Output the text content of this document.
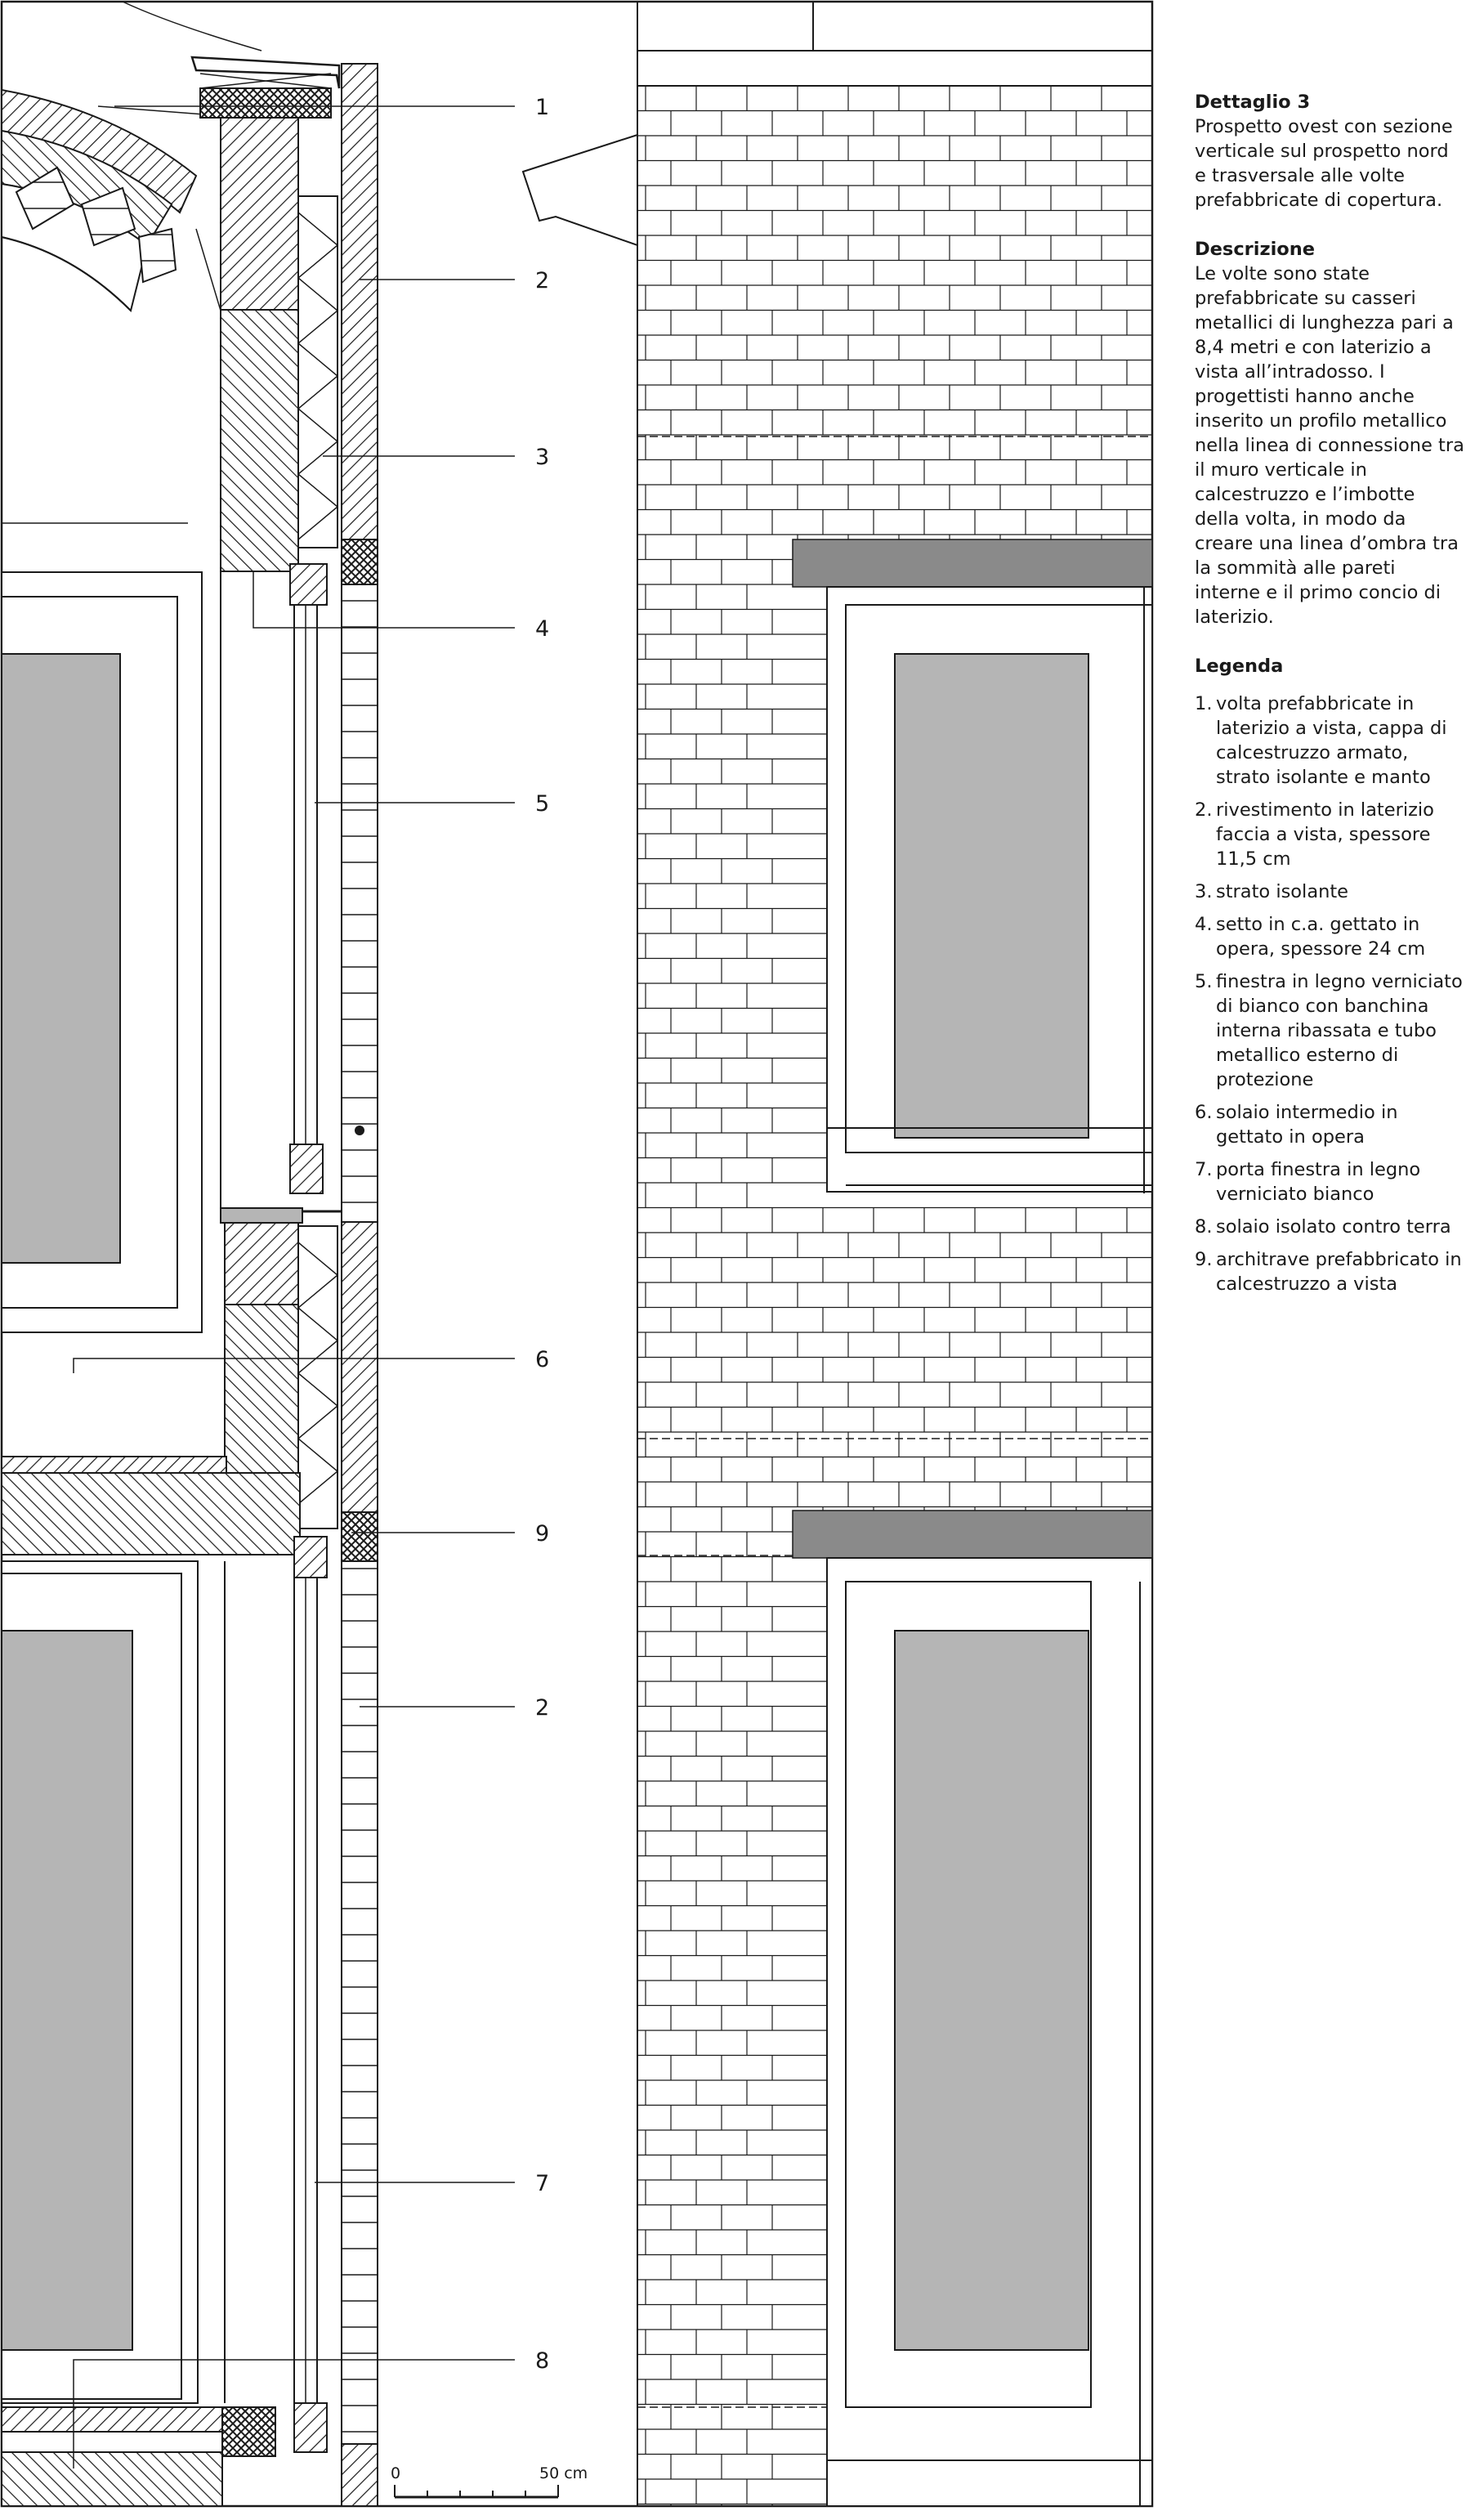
0	50 cm
1
2
3
4
5
6
9
2
7
8

Dettaglio 3

Prospetto ovest con sezione verticale sul prospetto nord e trasversale alle volte prefabbricate di copertura.

Descrizione

Le volte sono state prefabbricate su casseri metallici di lunghezza pari a 8,4 metri e con laterizio a vista all’intradosso. I progettisti hanno anche inserito un profilo metallico nella linea di connessione tra il muro verticale in calcestruzzo e l’imbotte della volta, in modo da creare una linea d’ombra tra la sommità alle pareti interne e il primo concio di laterizio.

Legenda

1. volta prefabbricate in laterizio a vista, cappa di calcestruzzo armato, strato isolante e manto
2. rivestimento in laterizio faccia a vista, spessore 11,5 cm
3. strato isolante
4. setto in c.a. gettato in opera, spessore 24 cm
5. finestra in legno verniciato di bianco con banchina interna ribassata e tubo metallico esterno di protezione
6. solaio intermedio in gettato in opera
7. porta finestra in legno verniciato bianco
8. solaio isolato contro terra
9. architrave prefabbricato in calcestruzzo a vista
